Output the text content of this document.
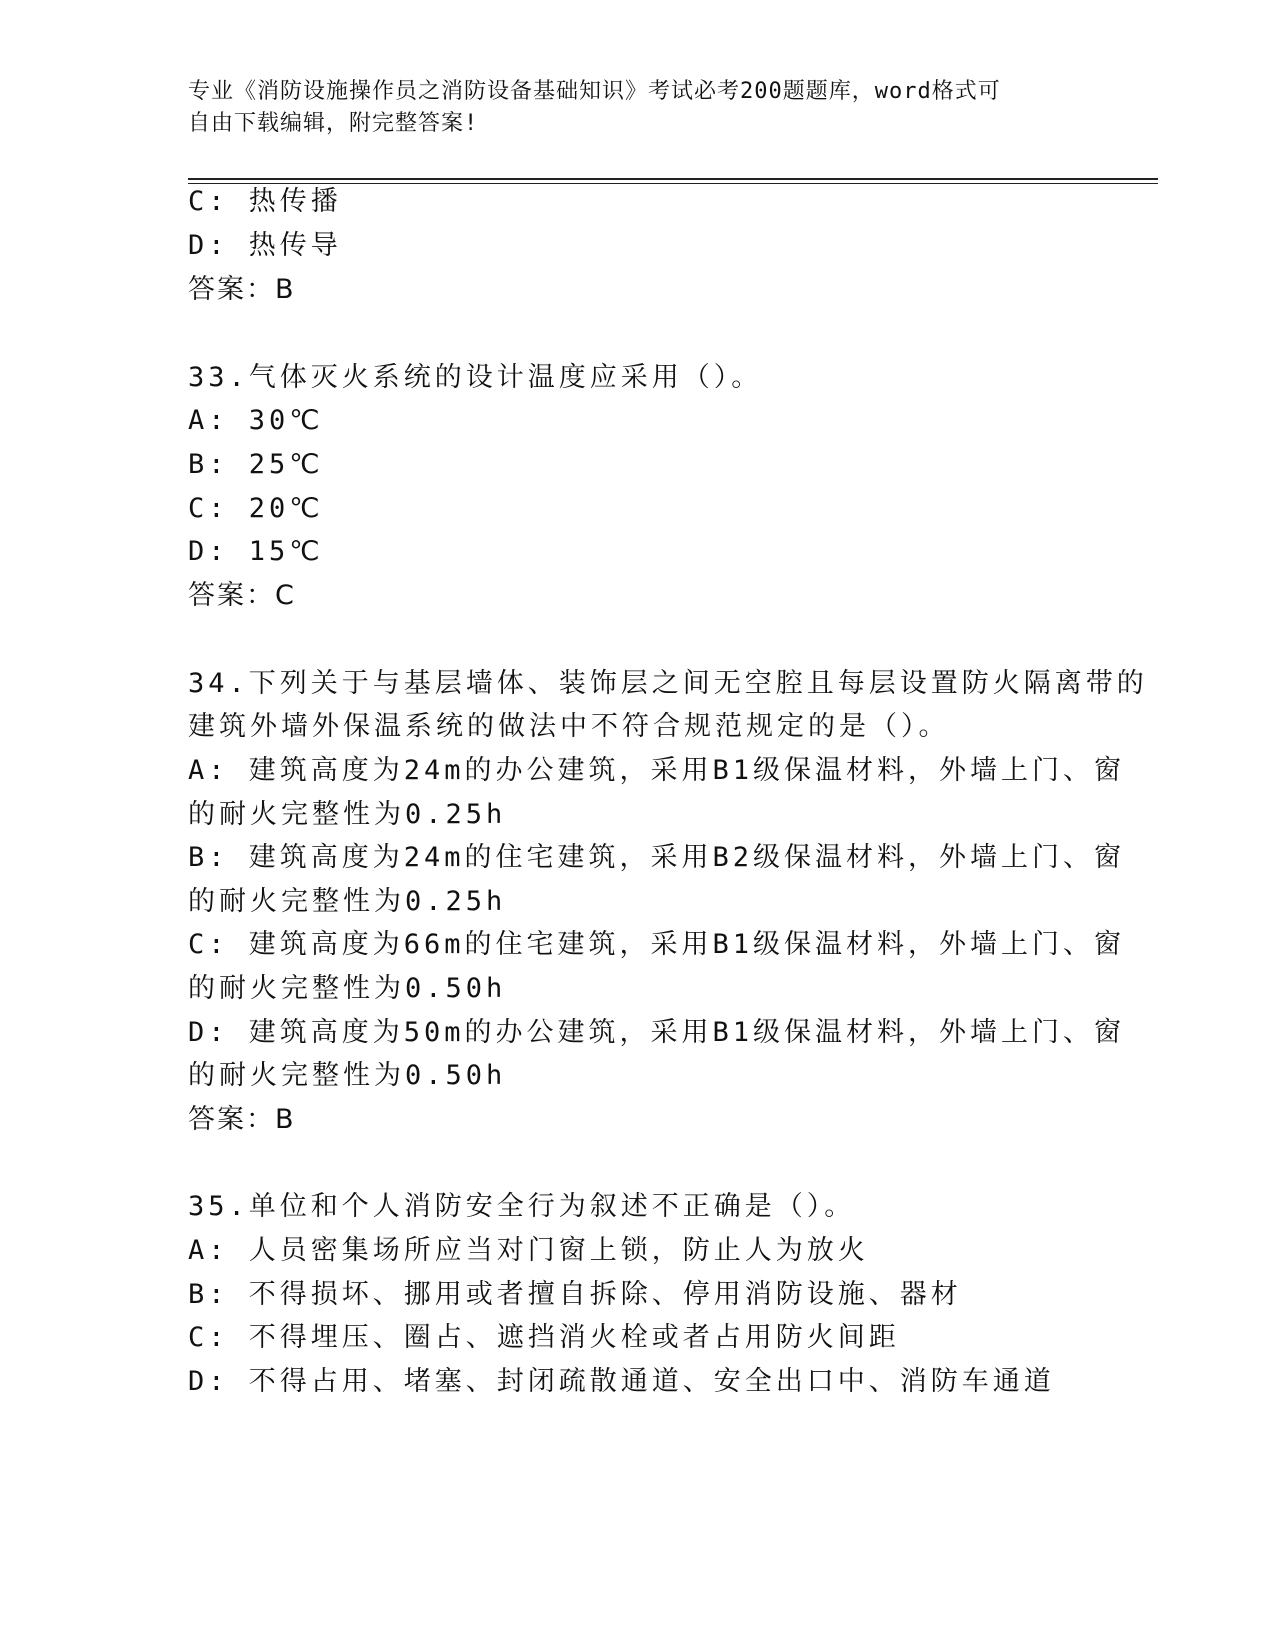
专业《消防设施操作员之消防设备基础知识》考试必考200题题库，word格式可
自由下载编辑，附完整答案!
C: 热传播
D: 热传导
答案：B
33.气体灭火系统的设计温度应采用（）。
A: 30℃
B: 25℃
C: 20℃
D: 15℃
答案：C
34.下列关于与基层墙体、装饰层之间无空腔且每层设置防火隔离带的
建筑外墙外保温系统的做法中不符合规范规定的是（）。
A: 建筑高度为24m的办公建筑，采用B1级保温材料，外墙上门、窗
的耐火完整性为0.25h
B: 建筑高度为24m的住宅建筑，采用B2级保温材料，外墙上门、窗
的耐火完整性为0.25h
C: 建筑高度为66m的住宅建筑，采用B1级保温材料，外墙上门、窗
的耐火完整性为0.50h
D: 建筑高度为50m的办公建筑，采用B1级保温材料，外墙上门、窗
的耐火完整性为0.50h
答案：B
35.单位和个人消防安全行为叙述不正确是（）。
A: 人员密集场所应当对门窗上锁，防止人为放火
B: 不得损坏、挪用或者擅自拆除、停用消防设施、器材
C: 不得埋压、圈占、遮挡消火栓或者占用防火间距
D: 不得占用、堵塞、封闭疏散通道、安全出口中、消防车通道
